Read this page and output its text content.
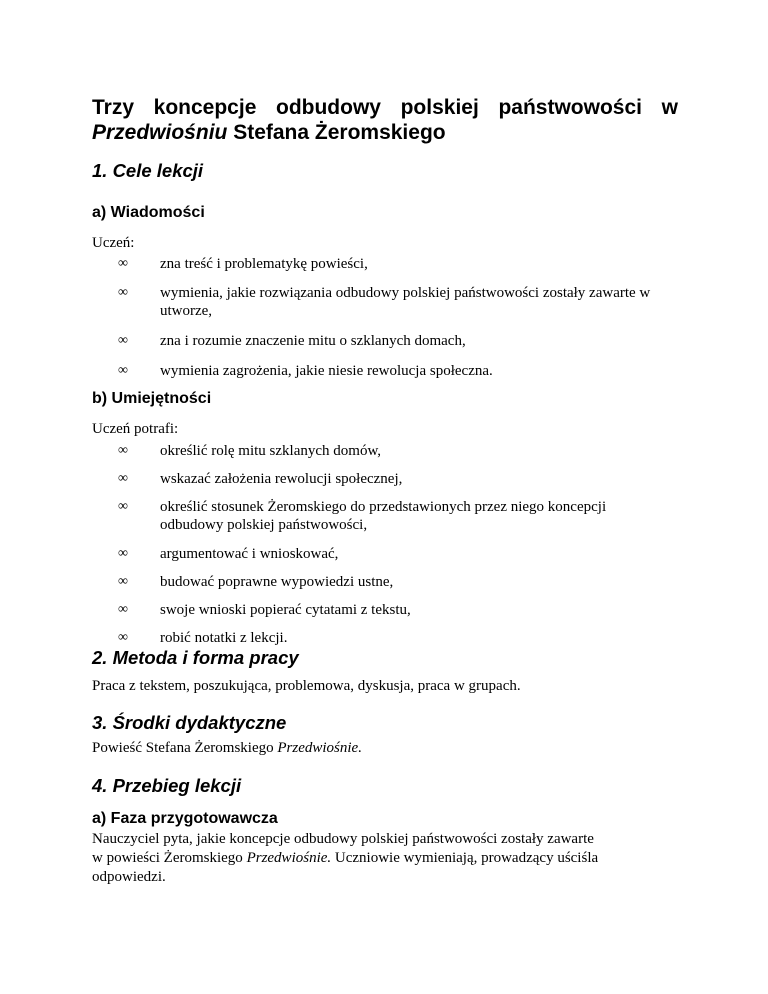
Trzy koncepcje odbudowy polskiej państwowości w
Przedwiośniu Stefana Żeromskiego
1. Cele lekcji
a) Wiadomości
Uczeń:
∞ zna treść i problematykę powieści,
∞ wymienia, jakie rozwiązania odbudowy polskiej państwowości zostały zawarte w utworze,
∞ zna i rozumie znaczenie mitu o szklanych domach,
∞ wymienia zagrożenia, jakie niesie rewolucja społeczna.
b) Umiejętności
Uczeń potrafi:
∞ określić rolę mitu szklanych domów,
∞ wskazać założenia rewolucji społecznej,
∞ określić stosunek Żeromskiego do przedstawionych przez niego koncepcji odbudowy polskiej państwowości,
∞ argumentować i wnioskować,
∞ budować poprawne wypowiedzi ustne,
∞ swoje wnioski popierać cytatami z tekstu,
∞ robić notatki z lekcji.
2. Metoda i forma pracy
Praca z tekstem, poszukująca, problemowa, dyskusja, praca w grupach.
3. Środki dydaktyczne
Powieść Stefana Żeromskiego Przedwiośnie.
4. Przebieg lekcji
a) Faza przygotowawcza
Nauczyciel pyta, jakie koncepcje odbudowy polskiej państwowości zostały zawarte
w powieści Żeromskiego Przedwiośnie. Uczniowie wymieniają, prowadzący uściśla
odpowiedzi.
